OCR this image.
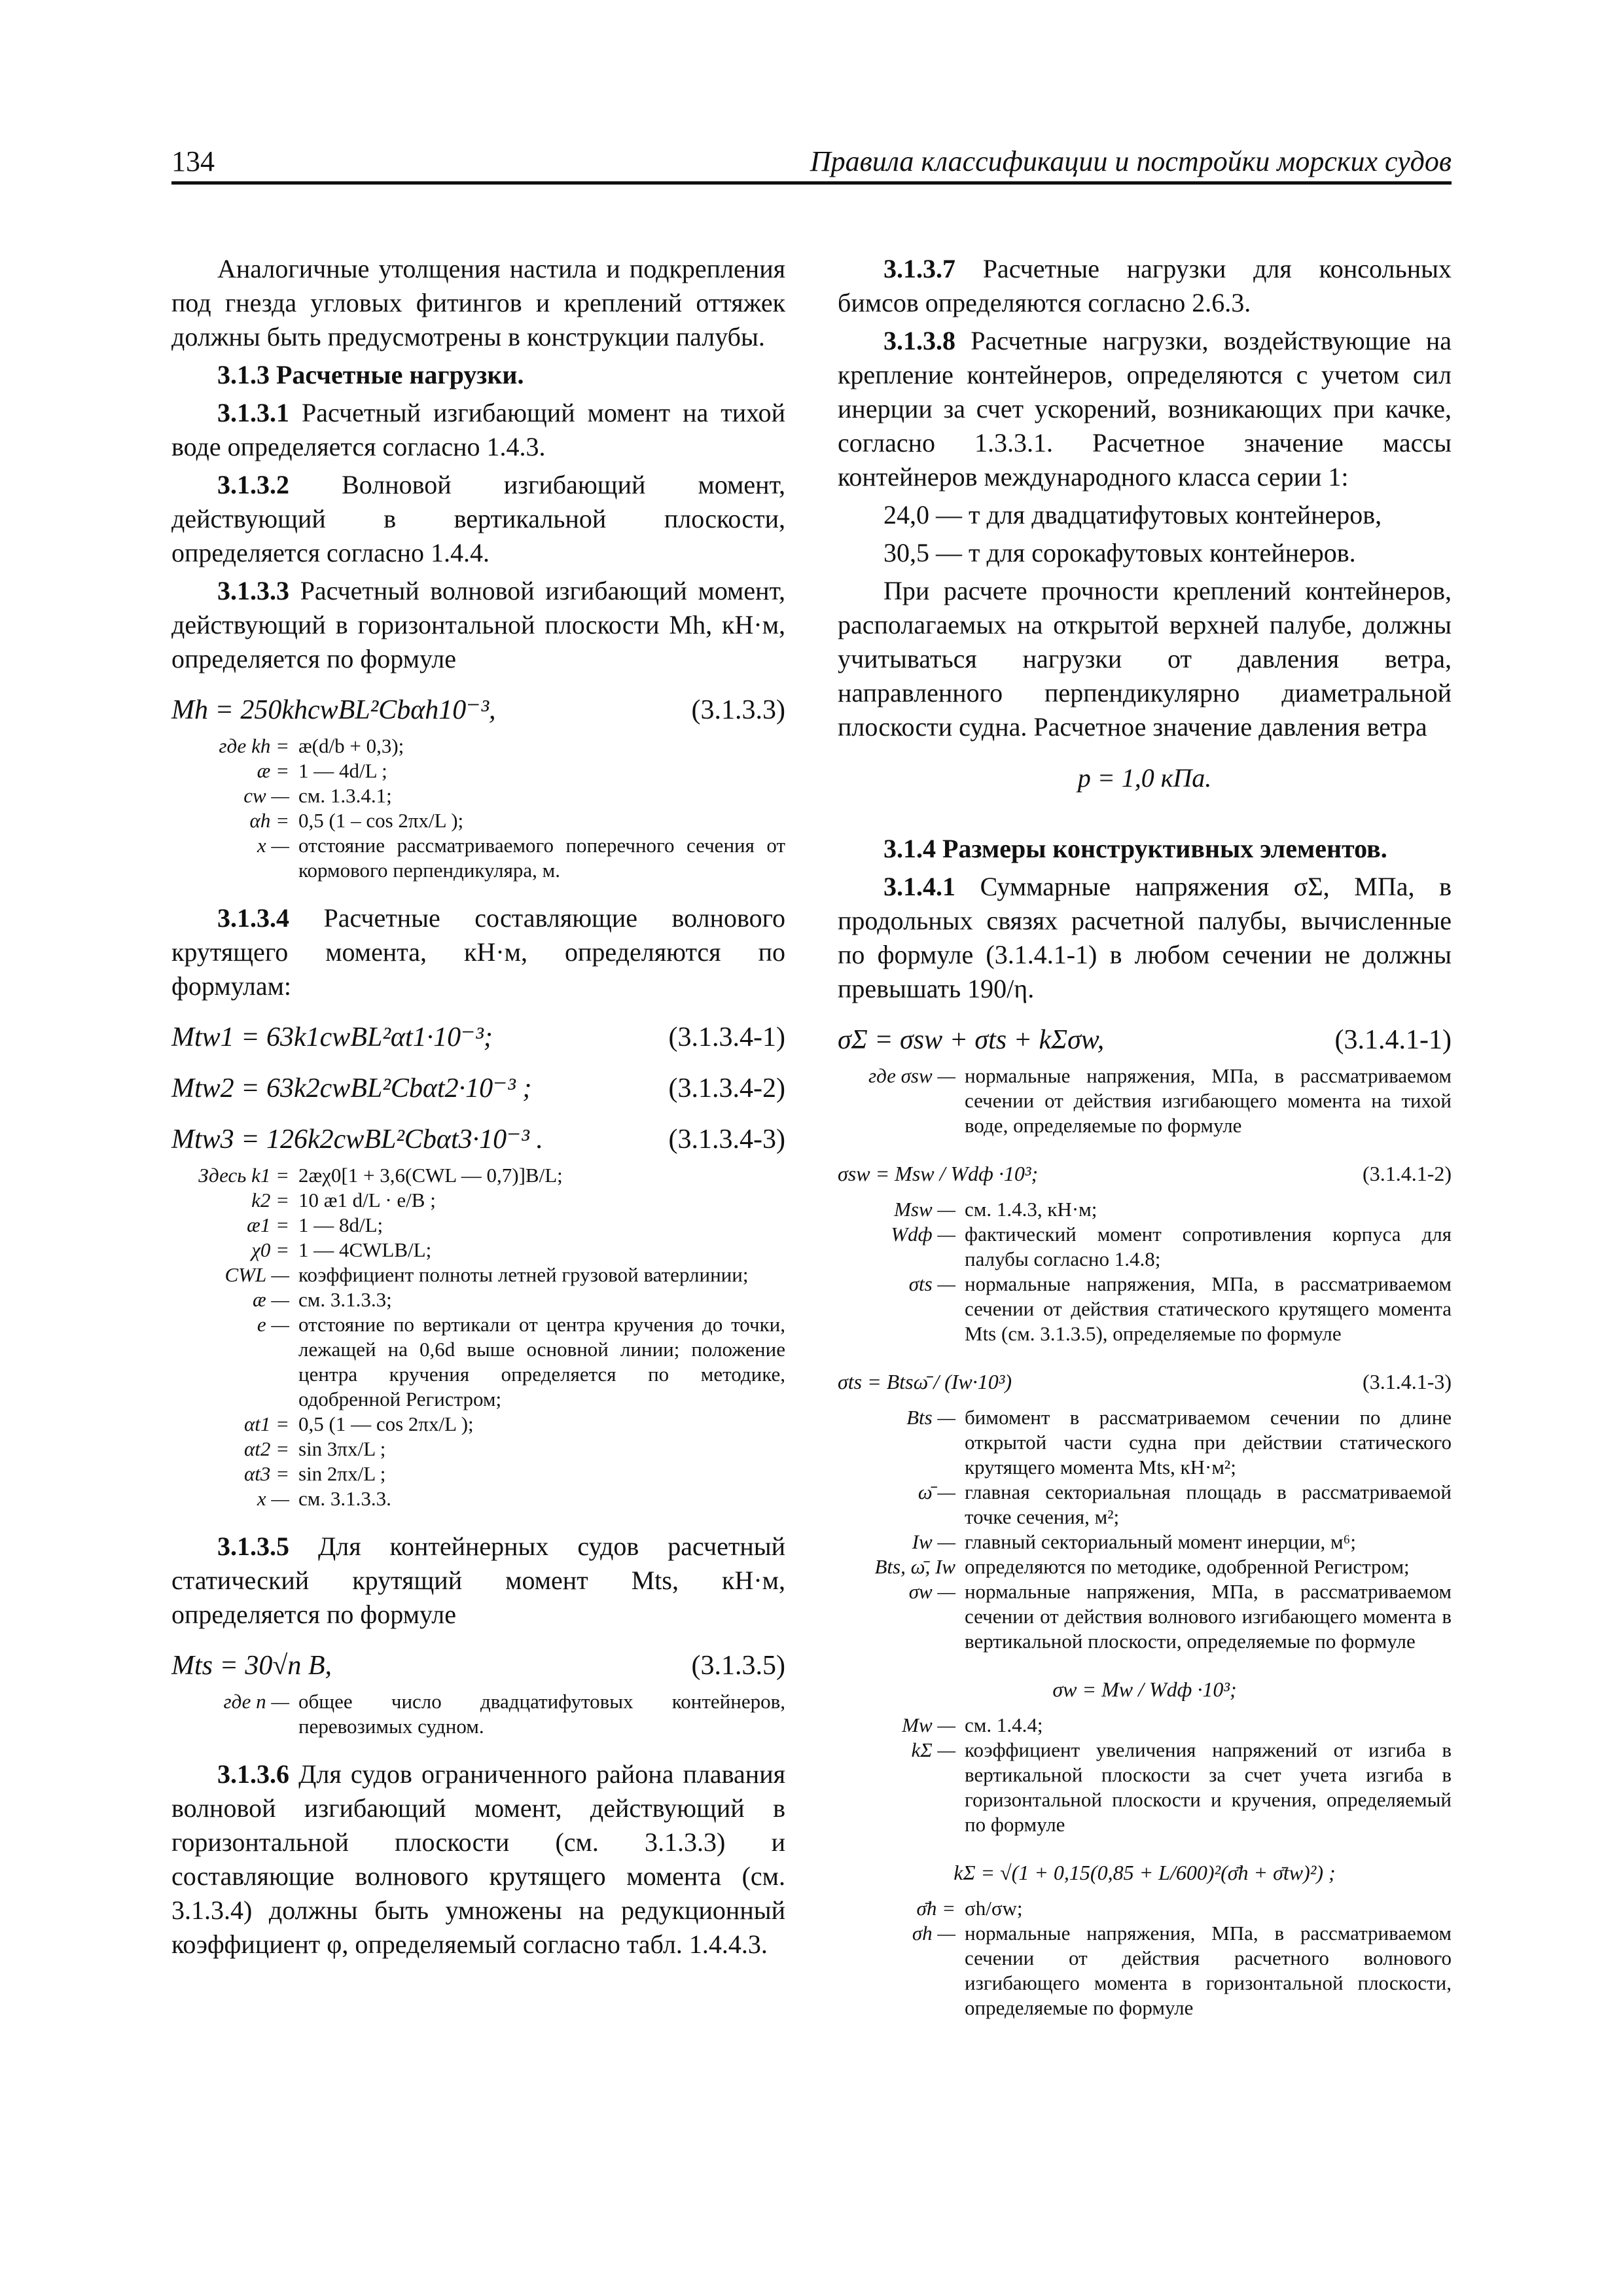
134	Правила классификации и постройки морских судов

Аналогичные утолщения настила и подкрепления под гнезда угловых фитингов и креплений оттяжек должны быть предусмотрены в конструкции палубы.

3.1.3 Расчетные нагрузки.

3.1.3.1 Расчетный изгибающий момент на тихой воде определяется согласно 1.4.3.

3.1.3.2 Волновой изгибающий момент, действующий в вертикальной плоскости, определяется согласно 1.4.4.

3.1.3.3 Расчетный волновой изгибающий момент, действующий в горизонтальной плоскости Mh, кН·м, определяется по формуле

Mh = 250khcwBL²Cbαh10⁻³,	(3.1.3.3)
где kh = æ(d/b + 0,3);
æ = 1 — 4d/L ;
cw — см. 1.3.4.1;
αh = 0,5 (1 – cos 2πx/L );
x — отстояние рассматриваемого поперечного сечения от кормового перпендикуляра, м.

3.1.3.4 Расчетные составляющие волнового крутящего момента, кН·м, определяются по формулам:

Mtw1 = 63k1cwBL²αt1·10⁻³;	(3.1.3.4-1)
Mtw2 = 63k2cwBL²Cbαt2·10⁻³ ;	(3.1.3.4-2)
Mtw3 = 126k2cwBL²Cbαt3·10⁻³ .	(3.1.3.4-3)
Здесь k1 = 2æχ0[1 + 3,6(CWL — 0,7)]B/L;
k2 = 10 æ1 d/L · e/B ;
æ1 = 1 — 8d/L;
χ0 = 1 — 4CWLB/L;
CWL — коэффициент полноты летней грузовой ватерлинии;
æ — см. 3.1.3.3;
e — отстояние по вертикали от центра кручения до точки, лежащей на 0,6d выше основной линии; положение центра кручения определяется по методике, одобренной Регистром;
αt1 = 0,5 (1 — cos 2πx/L );
αt2 = sin 3πx/L ;
αt3 = sin 2πx/L ;
x — см. 3.1.3.3.

3.1.3.5 Для контейнерных судов расчетный статический крутящий момент Mts, кН·м, определяется по формуле

Mts = 30√n B,	(3.1.3.5)
где n — общее число двадцатифутовых контейнеров, перевозимых судном.

3.1.3.6 Для судов ограниченного района плавания волновой изгибающий момент, действующий в горизонтальной плоскости (см. 3.1.3.3) и составляющие волнового крутящего момента (см. 3.1.3.4) должны быть умножены на редукционный коэффициент φ, определяемый согласно табл. 1.4.4.3.

3.1.3.7 Расчетные нагрузки для консольных бимсов определяются согласно 2.6.3.

3.1.3.8 Расчетные нагрузки, воздействующие на крепление контейнеров, определяются с учетом сил инерции за счет ускорений, возникающих при качке, согласно 1.3.3.1. Расчетное значение массы контейнеров международного класса серии 1:

24,0 — т для двадцатифутовых контейнеров,

30,5 — т для сорокафутовых контейнеров.

При расчете прочности креплений контейнеров, располагаемых на открытой верхней палубе, должны учитываться нагрузки от давления ветра, направленного перпендикулярно диаметральной плоскости судна. Расчетное значение давления ветра

p = 1,0 кПа.

3.1.4 Размеры конструктивных элементов.

3.1.4.1 Суммарные напряжения σΣ, МПа, в продольных связях расчетной палубы, вычисленные по формуле (3.1.4.1-1) в любом сечении не должны превышать 190/η.

σΣ = σsw + σts + kΣσw,	(3.1.4.1-1)
где σsw — нормальные напряжения, МПа, в рассматриваемом сечении от действия изгибающего момента на тихой воде, определяемые по формуле
σsw = Msw / Wdф ·10³;	(3.1.4.1-2)
Msw — см. 1.4.3, кН·м;
Wdф — фактический момент сопротивления корпуса для палубы согласно 1.4.8;
σts — нормальные напряжения, МПа, в рассматриваемом сечении от действия статического крутящего момента Mts (см. 3.1.3.5), определяемые по формуле
σts = Btsω̄ / (Iw·10³)	(3.1.4.1-3)
Bts — бимомент в рассматриваемом сечении по длине открытой части судна при действии статического крутящего момента Mts, кН·м²;
ω̄ — главная секториальная площадь в рассматриваемой точке сечения, м²;
Iw — главный секториальный момент инерции, м⁶;
Bts, ω̄, Iw определяются по методике, одобренной Регистром;
σw — нормальные напряжения, МПа, в рассматриваемом сечении от действия волнового изгибающего момента в вертикальной плоскости, определяемые по формуле
σw = Mw / Wdф ·10³;
Mw — см. 1.4.4;
kΣ — коэффициент увеличения напряжений от изгиба в вертикальной плоскости за счет учета изгиба в горизонтальной плоскости и кручения, определяемый по формуле
kΣ = √(1 + 0,15(0,85 + L/600)²(σ̄h + σ̄tw)²) ;
σ̄h = σh/σw;
σh — нормальные напряжения, МПа, в рассматриваемом сечении от действия расчетного волнового изгибающего момента в горизонтальной плоскости, определяемые по формуле
